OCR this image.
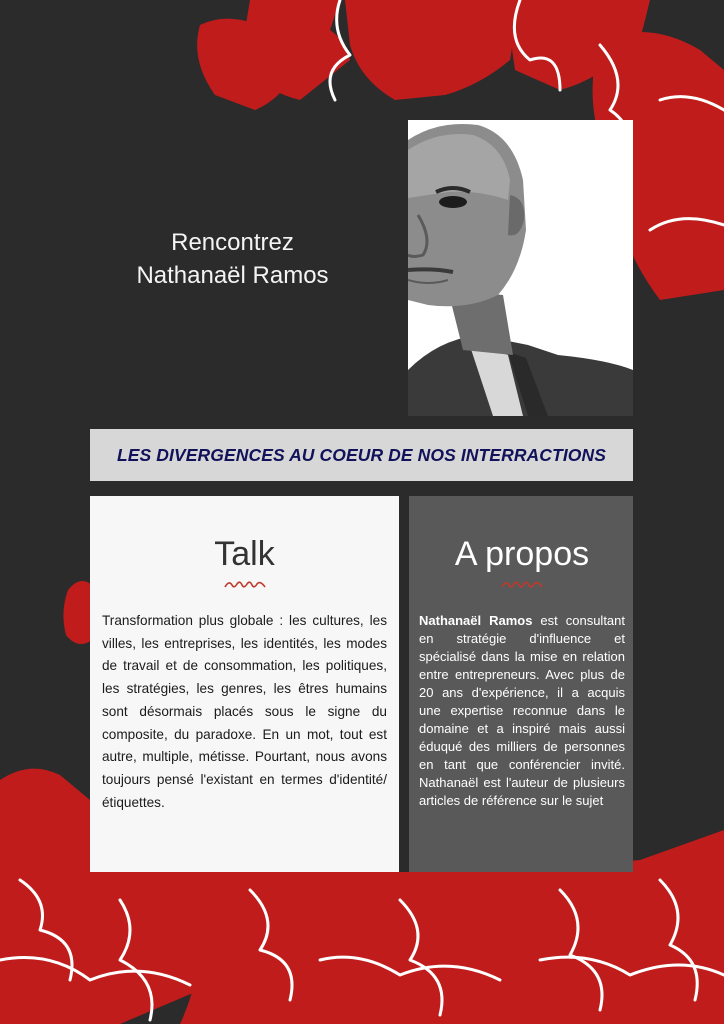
Rencontrez
Nathanaël Ramos
LES DIVERGENCES AU COEUR DE NOS INTERRACTIONS
Talk
Transformation plus globale : les cultures, les villes, les entreprises, les identités, les modes de travail et de consommation, les politiques, les stratégies, les genres, les êtres humains sont désormais placés sous le signe du composite, du paradoxe. En un mot, tout est autre, multiple, métisse. Pourtant, nous avons toujours pensé l'existant en termes d'identité/étiquettes.
A propos
Nathanaël Ramos est consultant en stratégie d'influence et spécialisé dans la mise en relation entre entrepreneurs. Avec plus de 20 ans d'expérience, il a acquis une expertise reconnue dans le domaine et a inspiré mais aussi éduqué des milliers de personnes en tant que conférencier invité. Nathanaël est l'auteur de plusieurs articles de référence sur le sujet
